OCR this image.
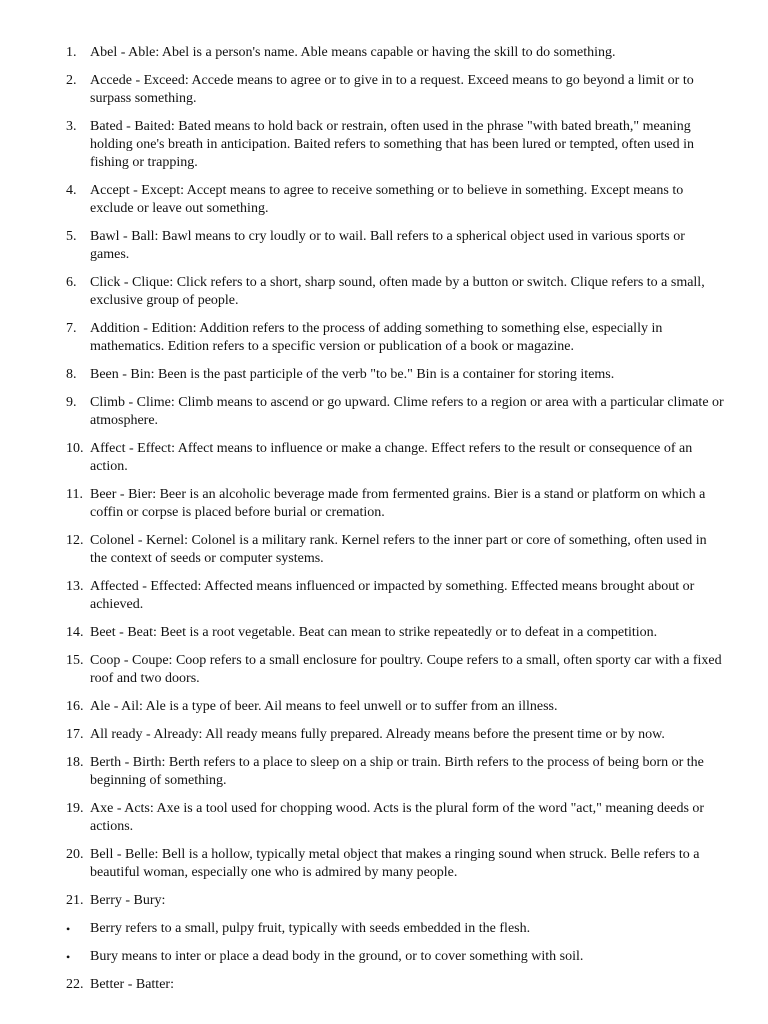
1. Abel - Able: Abel is a person's name. Able means capable or having the skill to do something.
2. Accede - Exceed: Accede means to agree or to give in to a request. Exceed means to go beyond a limit or to surpass something.
3. Bated - Baited: Bated means to hold back or restrain, often used in the phrase "with bated breath," meaning holding one's breath in anticipation. Baited refers to something that has been lured or tempted, often used in fishing or trapping.
4. Accept - Except: Accept means to agree to receive something or to believe in something. Except means to exclude or leave out something.
5. Bawl - Ball: Bawl means to cry loudly or to wail. Ball refers to a spherical object used in various sports or games.
6. Click - Clique: Click refers to a short, sharp sound, often made by a button or switch. Clique refers to a small, exclusive group of people.
7. Addition - Edition: Addition refers to the process of adding something to something else, especially in mathematics. Edition refers to a specific version or publication of a book or magazine.
8. Been - Bin: Been is the past participle of the verb "to be." Bin is a container for storing items.
9. Climb - Clime: Climb means to ascend or go upward. Clime refers to a region or area with a particular climate or atmosphere.
10. Affect - Effect: Affect means to influence or make a change. Effect refers to the result or consequence of an action.
11. Beer - Bier: Beer is an alcoholic beverage made from fermented grains. Bier is a stand or platform on which a coffin or corpse is placed before burial or cremation.
12. Colonel - Kernel: Colonel is a military rank. Kernel refers to the inner part or core of something, often used in the context of seeds or computer systems.
13. Affected - Effected: Affected means influenced or impacted by something. Effected means brought about or achieved.
14. Beet - Beat: Beet is a root vegetable. Beat can mean to strike repeatedly or to defeat in a competition.
15. Coop - Coupe: Coop refers to a small enclosure for poultry. Coupe refers to a small, often sporty car with a fixed roof and two doors.
16. Ale - Ail: Ale is a type of beer. Ail means to feel unwell or to suffer from an illness.
17. All ready - Already: All ready means fully prepared. Already means before the present time or by now.
18. Berth - Birth: Berth refers to a place to sleep on a ship or train. Birth refers to the process of being born or the beginning of something.
19. Axe - Acts: Axe is a tool used for chopping wood. Acts is the plural form of the word "act," meaning deeds or actions.
20. Bell - Belle: Bell is a hollow, typically metal object that makes a ringing sound when struck. Belle refers to a beautiful woman, especially one who is admired by many people.
21. Berry - Bury:
• Berry refers to a small, pulpy fruit, typically with seeds embedded in the flesh.
• Bury means to inter or place a dead body in the ground, or to cover something with soil.
22. Better - Batter:
